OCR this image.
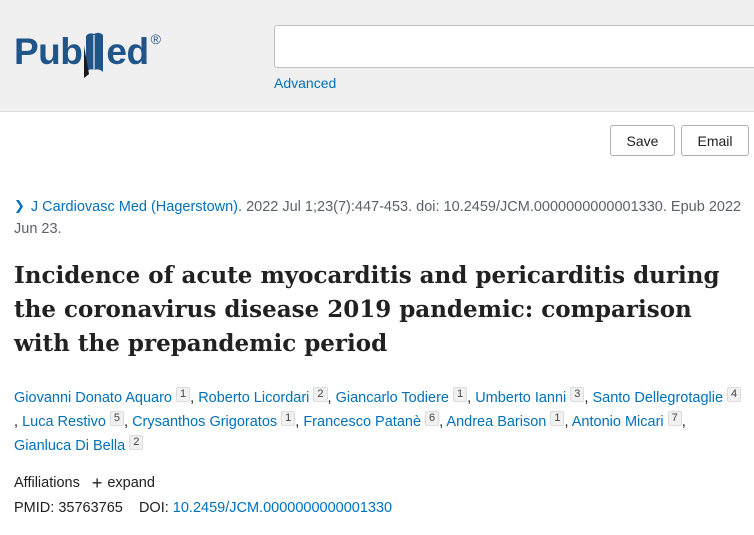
Pub ed ®
Advanced
Save	Email
❯ J Cardiovasc Med (Hagerstown). 2022 Jul 1;23(7):447-453. doi: 10.2459/JCM.0000000000001330. Epub 2022 Jun 23.
Incidence of acute myocarditis and pericarditis during the coronavirus disease 2019 pandemic: comparison with the prepandemic period
Giovanni Donato Aquaro 1 , Roberto Licordari 2 , Giancarlo Todiere 1 , Umberto Ianni 3 , Santo Dellegrotaglie 4, Luca Restivo 5 , Crysanthos Grigoratos 1 , Francesco Patanè 6 , Andrea Barison 1 , Antonio Micari 7 , Gianluca Di Bella 2
Affiliations + expand
PMID: 35763765 DOI: 10.2459/JCM.0000000000001330
